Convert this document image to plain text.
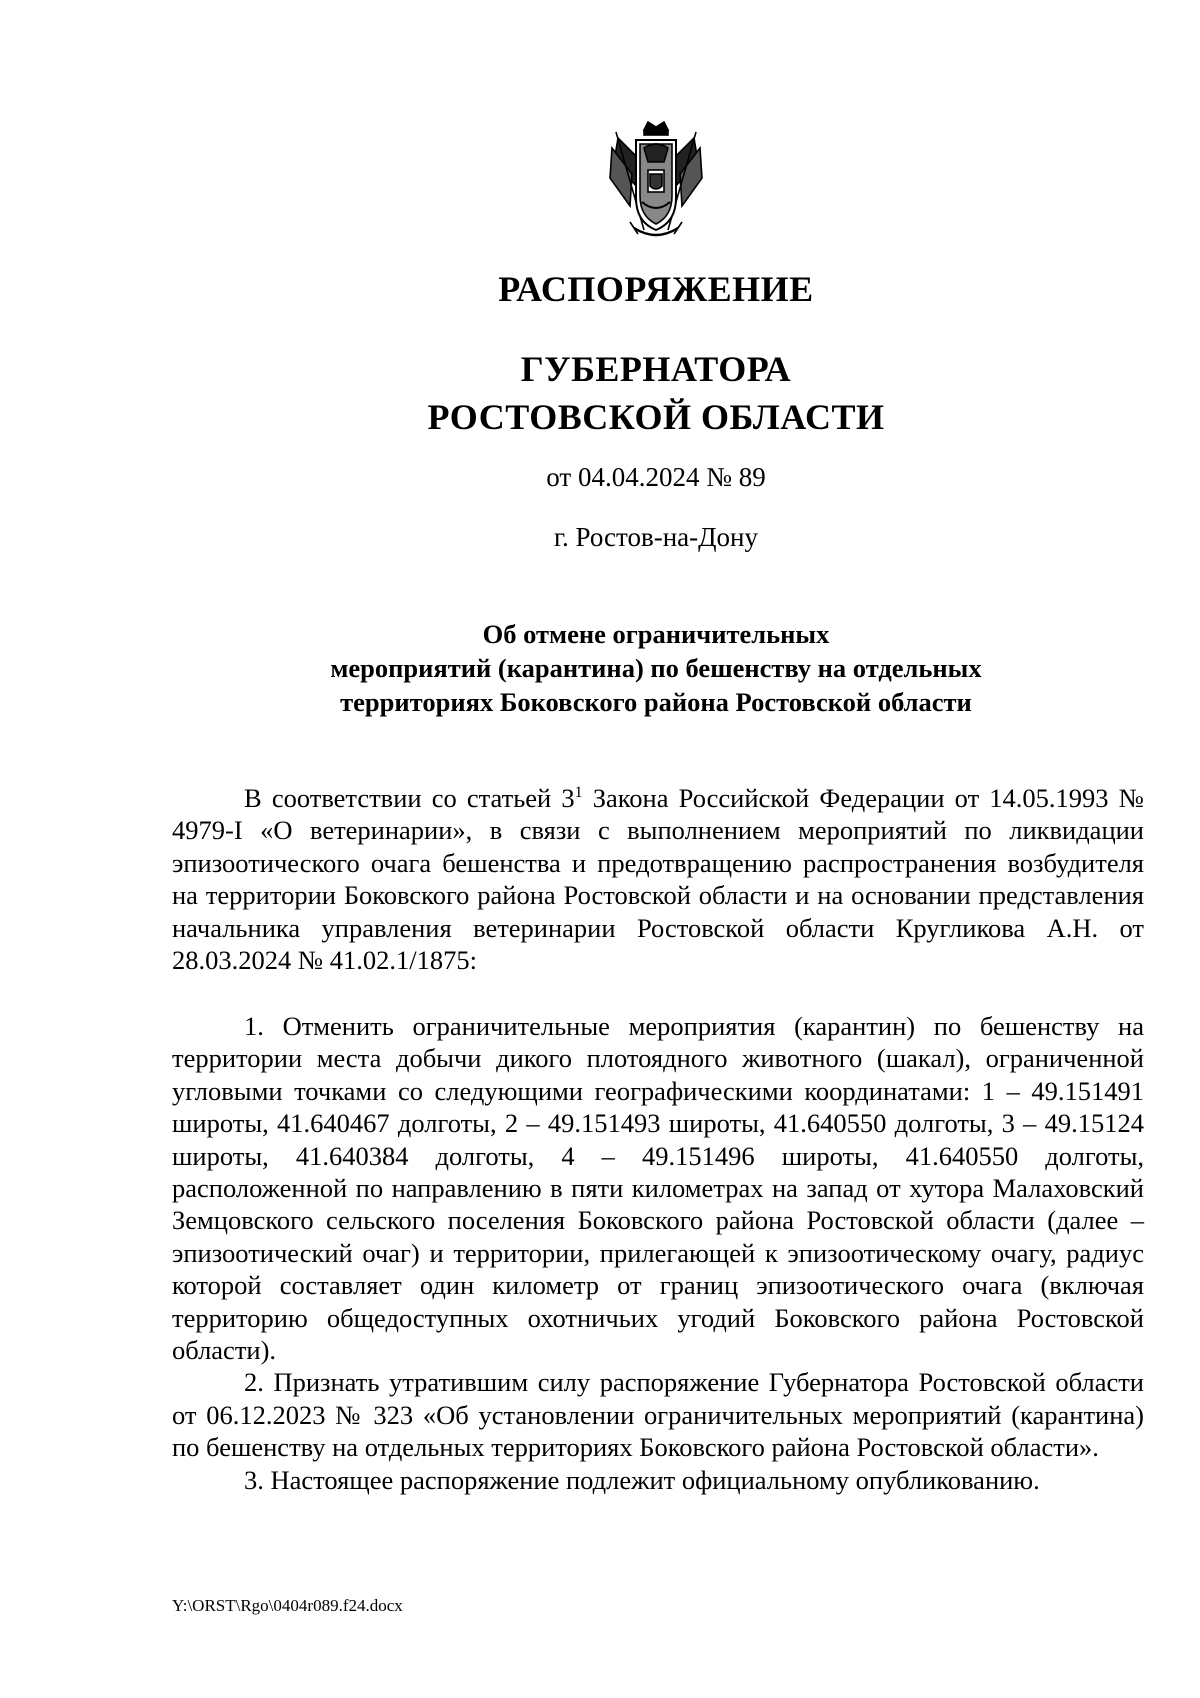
РАСПОРЯЖЕНИЕ
ГУБЕРНАТОРА
РОСТОВСКОЙ ОБЛАСТИ
от 04.04.2024 № 89
г. Ростов-на-Дону
Об отмене ограничительных
мероприятий (карантина) по бешенству на отдельных
территориях Боковского района Ростовской области

В соответствии со статьей $3^1$ Закона Российской Федерации от 14.05.1993 № 4979-I «О ветеринарии», в связи с выполнением мероприятий по ликвидации эпизоотического очага бешенства и предотвращению распространения возбудителя на территории Боковского района Ростовской области и на основании представления начальника управления ветеринарии Ростовской области Кругликова А.Н. от 28.03.2024 № 41.02.1/1875:

1. Отменить ограничительные мероприятия (карантин) по бешенству на территории места добычи дикого плотоядного животного (шакал), ограниченной угловыми точками со следующими географическими координатами: 1 – 49.151491 широты, 41.640467 долготы, 2 – 49.151493 широты, 41.640550 долготы, 3 – 49.15124 широты, 41.640384 долготы, 4 – 49.151496 широты, 41.640550 долготы, расположенной по направлению в пяти километрах на запад от хутора Малаховский Земцовского сельского поселения Боковского района Ростовской области (далее – эпизоотический очаг) и территории, прилегающей к эпизоотическому очагу, радиус которой составляет один километр от границ эпизоотического очага (включая территорию общедоступных охотничьих угодий Боковского района Ростовской области).

2. Признать утратившим силу распоряжение Губернатора Ростовской области от 06.12.2023 № 323 «Об установлении ограничительных мероприятий (карантина) по бешенству на отдельных территориях Боковского района Ростовской области».

3. Настоящее распоряжение подлежит официальному опубликованию.

Y:\ORST\Rgo\0404r089.f24.docx
